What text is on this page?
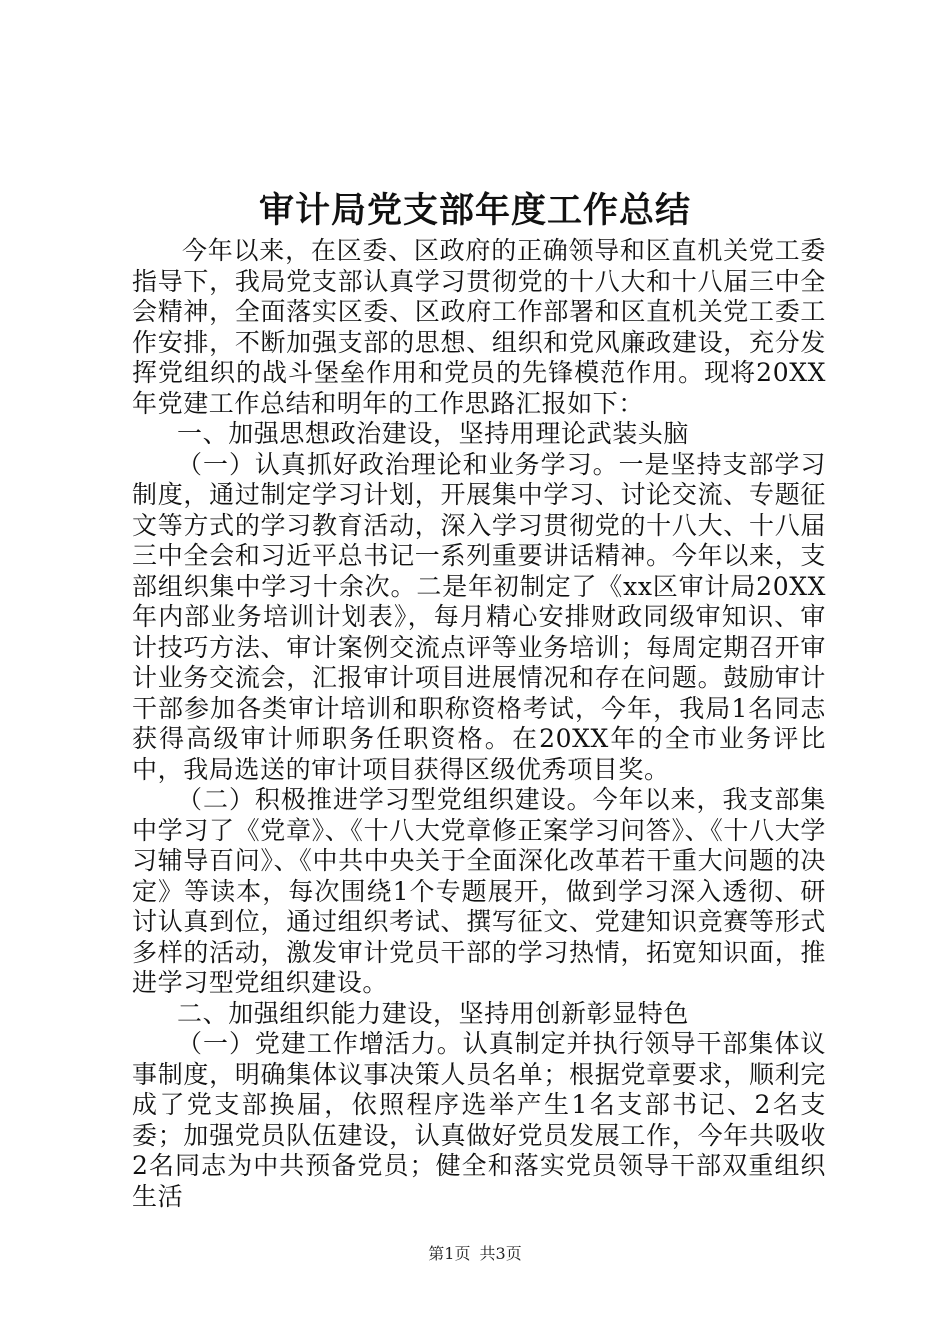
审计局党支部年度工作总结

今年以来，在区委、区政府的正确领导和区直机关党工委指导下，我局党支部认真学习贯彻党的十八大和十八届三中全会精神，全面落实区委、区政府工作部署和区直机关党工委工作安排，不断加强支部的思想、组织和党风廉政建设，充分发挥党组织的战斗堡垒作用和党员的先锋模范作用。现将20XX年党建工作总结和明年的工作思路汇报如下：

一、加强思想政治建设，坚持用理论武装头脑

（一）认真抓好政治理论和业务学习。一是坚持支部学习制度，通过制定学习计划，开展集中学习、讨论交流、专题征文等方式的学习教育活动，深入学习贯彻党的十八大、十八届三中全会和习近平总书记一系列重要讲话精神。今年以来，支部组织集中学习十余次。二是年初制定了《xx区审计局20XX年内部业务培训计划表》，每月精心安排财政同级审知识、审计技巧方法、审计案例交流点评等业务培训；每周定期召开审计业务交流会，汇报审计项目进展情况和存在问题。鼓励审计干部参加各类审计培训和职称资格考试，今年，我局1名同志获得高级审计师职务任职资格。在20XX年的全市业务评比中，我局选送的审计项目获得区级优秀项目奖。

（二）积极推进学习型党组织建设。今年以来，我支部集中学习了《党章》、《十八大党章修正案学习问答》、《十八大学习辅导百问》、《中共中央关于全面深化改革若干重大问题的决定》等读本，每次围绕1个专题展开，做到学习深入透彻、研讨认真到位，通过组织考试、撰写征文、党建知识竞赛等形式多样的活动，激发审计党员干部的学习热情，拓宽知识面，推进学习型党组织建设。

二、加强组织能力建设，坚持用创新彰显特色

（一）党建工作增活力。认真制定并执行领导干部集体议事制度，明确集体议事决策人员名单；根据党章要求，顺利完成了党支部换届，依照程序选举产生1名支部书记、2名支委；加强党员队伍建设，认真做好党员发展工作，今年共吸收2名同志为中共预备党员；健全和落实党员领导干部双重组织生活

第1页 共3页
